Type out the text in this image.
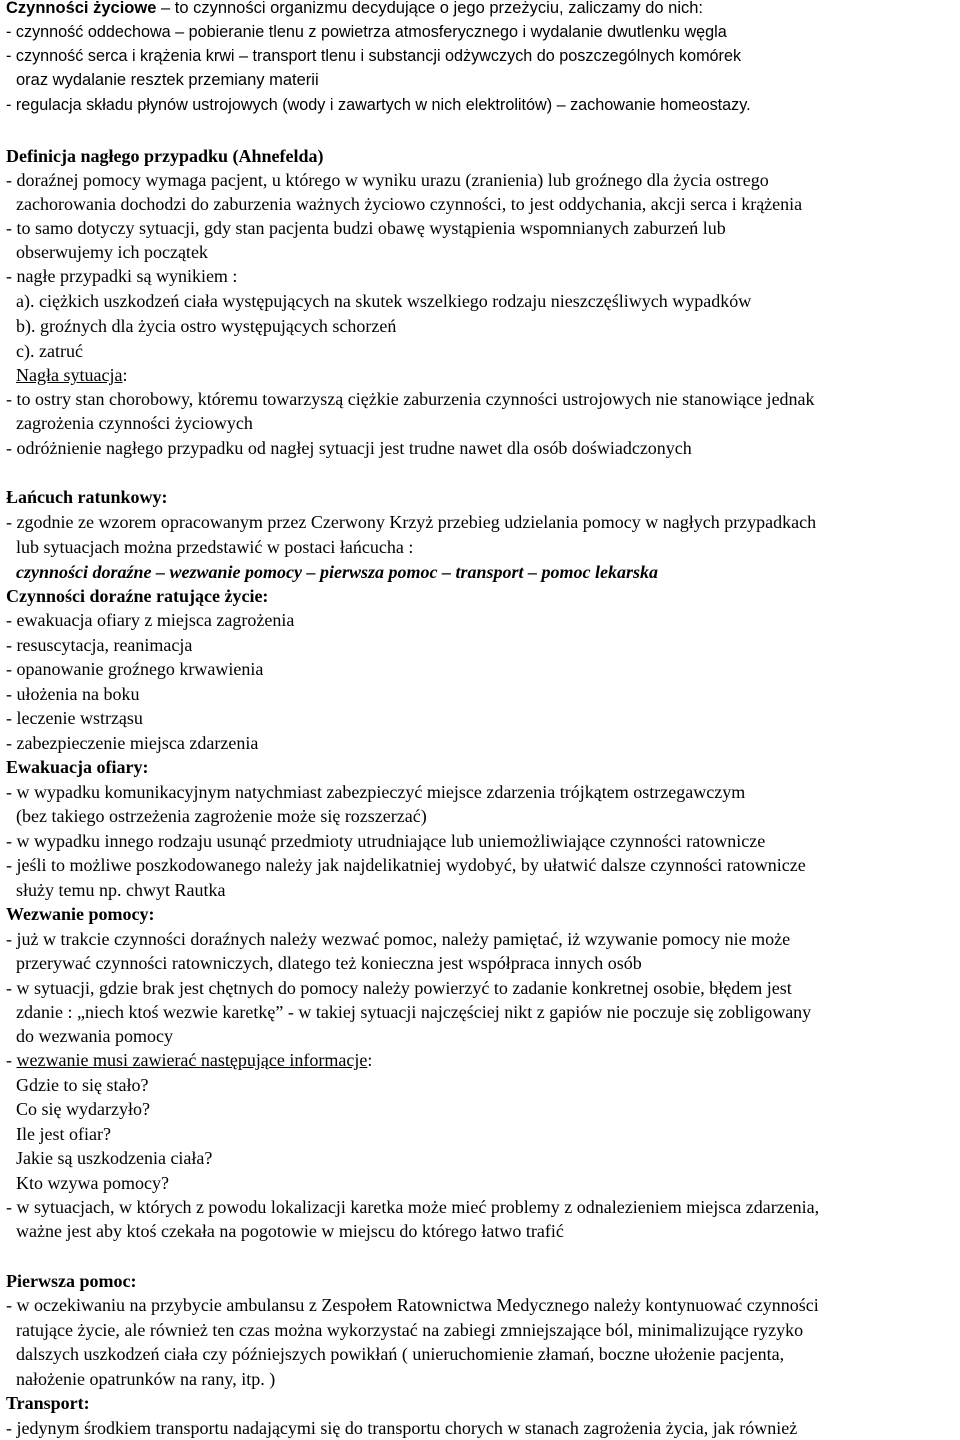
Czynności życiowe – to czynności organizmu decydujące o jego przeżyciu, zaliczamy do nich:
- czynność oddechowa – pobieranie tlenu z powietrza atmosferycznego i wydalanie dwutlenku węgla
- czynność serca i krążenia krwi – transport tlenu i substancji odżywczych do poszczególnych komórek
oraz wydalanie resztek przemiany materii
- regulacja składu płynów ustrojowych (wody i zawartych w nich elektrolitów) – zachowanie homeostazy.
Definicja nagłego przypadku (Ahnefelda)
- doraźnej pomocy wymaga pacjent, u którego w wyniku urazu (zranienia) lub groźnego dla życia ostrego
zachorowania dochodzi do zaburzenia ważnych życiowo czynności, to jest oddychania, akcji serca i krążenia
- to samo dotyczy sytuacji, gdy stan pacjenta budzi obawę wystąpienia wspomnianych zaburzeń lub
obserwujemy ich początek
- nagłe przypadki są wynikiem :
a). ciężkich uszkodzeń ciała występujących na skutek wszelkiego rodzaju nieszczęśliwych wypadków
b). groźnych dla życia ostro występujących schorzeń
c). zatruć
Nagła sytuacja:
- to ostry stan chorobowy, któremu towarzyszą ciężkie zaburzenia czynności ustrojowych nie stanowiące jednak
zagrożenia czynności życiowych
- odróżnienie nagłego przypadku od nagłej sytuacji jest trudne nawet dla osób doświadczonych
Łańcuch ratunkowy:
- zgodnie ze wzorem opracowanym przez Czerwony Krzyż przebieg udzielania pomocy w nagłych przypadkach
lub sytuacjach można przedstawić w postaci łańcucha :
czynności doraźne – wezwanie pomocy – pierwsza pomoc – transport – pomoc lekarska
Czynności doraźne ratujące życie:
- ewakuacja ofiary z miejsca zagrożenia
- resuscytacja, reanimacja
- opanowanie groźnego krwawienia
- ułożenia na boku
- leczenie wstrząsu
- zabezpieczenie miejsca zdarzenia
Ewakuacja ofiary:
- w wypadku komunikacyjnym natychmiast zabezpieczyć miejsce zdarzenia trójkątem ostrzegawczym
(bez takiego ostrzeżenia zagrożenie może się rozszerzać)
- w wypadku innego rodzaju usunąć przedmioty utrudniające lub uniemożliwiające czynności ratownicze
- jeśli to możliwe poszkodowanego należy jak najdelikatniej wydobyć, by ułatwić dalsze czynności ratownicze
służy temu np. chwyt Rautka
Wezwanie pomocy:
- już w trakcie czynności doraźnych należy wezwać pomoc, należy pamiętać, iż wzywanie pomocy nie może
przerywać czynności ratowniczych, dlatego też konieczna jest współpraca innych osób
- w sytuacji, gdzie brak jest chętnych do pomocy należy powierzyć to zadanie konkretnej osobie, błędem jest
zdanie : „niech ktoś wezwie karetkę” - w takiej sytuacji najczęściej nikt z gapiów nie poczuje się zobligowany
do wezwania pomocy
- wezwanie musi zawierać następujące informacje:
Gdzie to się stało?
Co się wydarzyło?
Ile jest ofiar?
Jakie są uszkodzenia ciała?
Kto wzywa pomocy?
- w sytuacjach, w których z powodu lokalizacji karetka może mieć problemy z odnalezieniem miejsca zdarzenia,
ważne jest aby ktoś czekała na pogotowie w miejscu do którego łatwo trafić
Pierwsza pomoc:
- w oczekiwaniu na przybycie ambulansu z Zespołem Ratownictwa Medycznego należy kontynuować czynności
ratujące życie, ale również ten czas można wykorzystać na zabiegi zmniejszające ból, minimalizujące ryzyko
dalszych uszkodzeń ciała czy późniejszych powikłań ( unieruchomienie złamań, boczne ułożenie pacjenta,
nałożenie opatrunków na rany, itp. )
Transport:
- jedynym środkiem transportu nadającymi się do transportu chorych w stanach zagrożenia życia, jak również
